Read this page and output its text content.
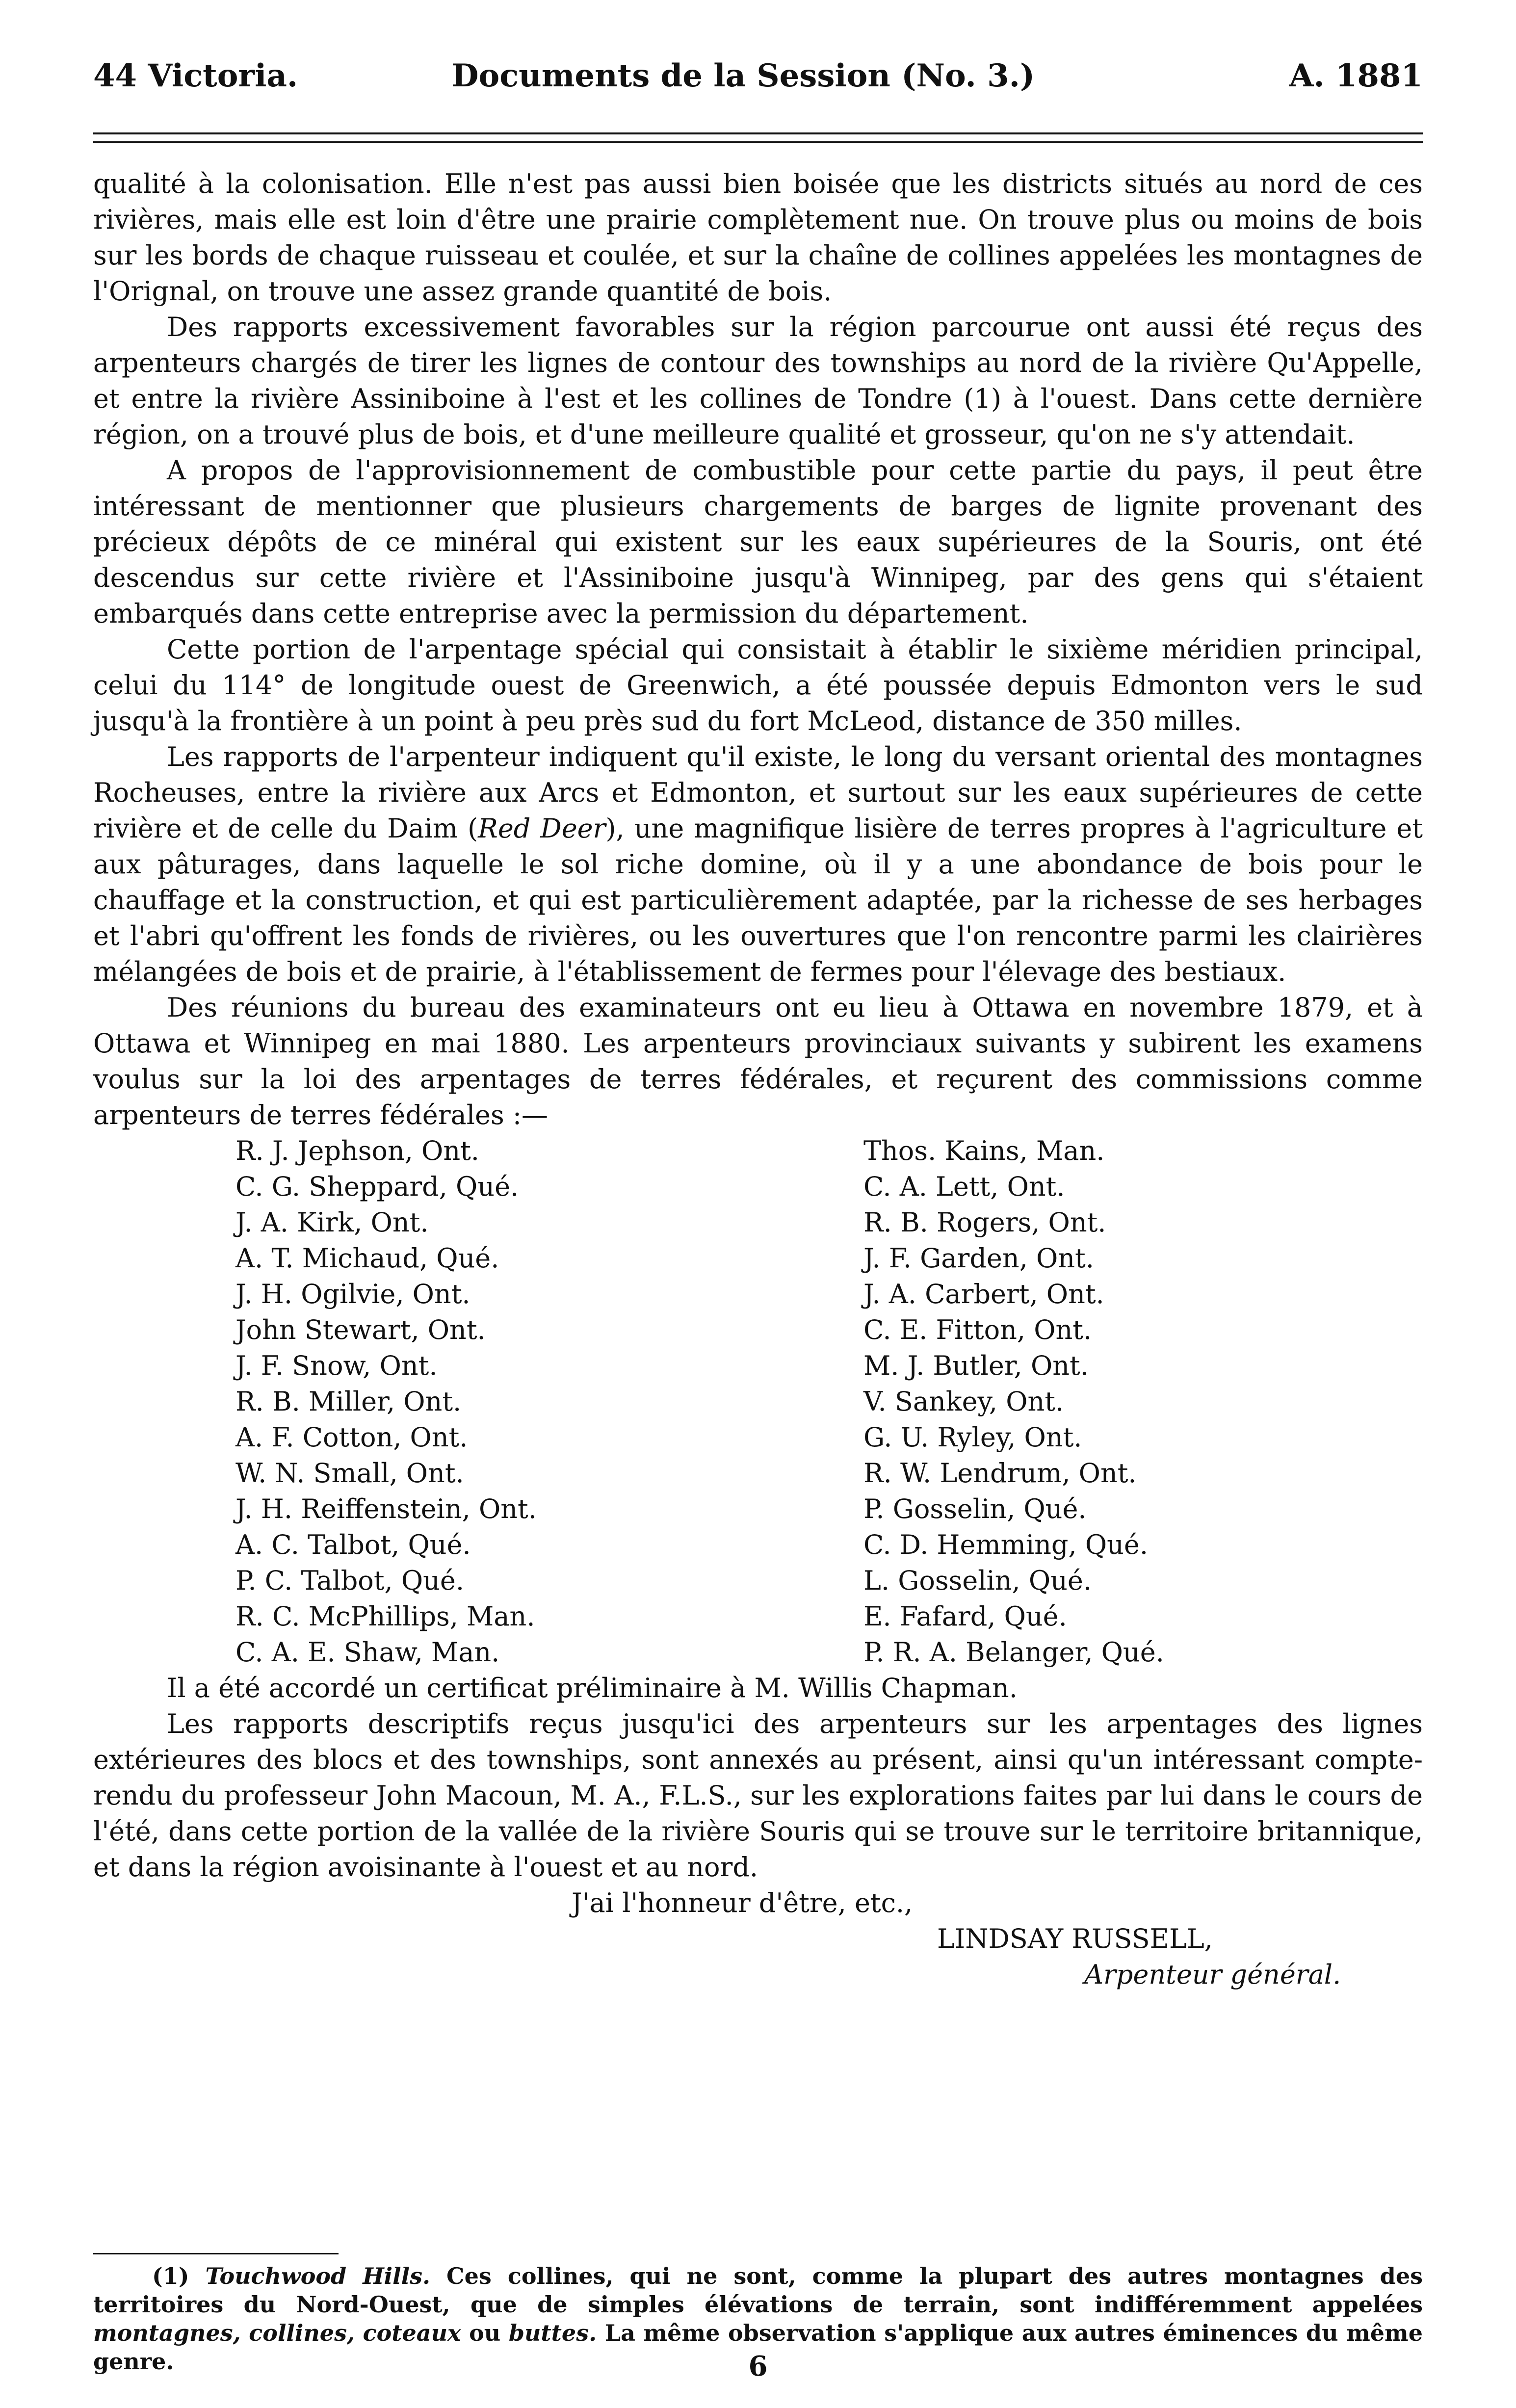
44 Victoria.	Documents de la Session (No. 3.)	A. 1881

qualité à la colonisation. Elle n'est pas aussi bien boisée que les districts situés au nord de ces rivières, mais elle est loin d'être une prairie complètement nue. On trouve plus ou moins de bois sur les bords de chaque ruisseau et coulée, et sur la chaîne de collines appelées les montagnes de l'Orignal, on trouve une assez grande quantité de bois.

Des rapports excessivement favorables sur la région parcourue ont aussi été reçus des arpenteurs chargés de tirer les lignes de contour des townships au nord de la rivière Qu'Appelle, et entre la rivière Assiniboine à l'est et les collines de Tondre (1) à l'ouest. Dans cette dernière région, on a trouvé plus de bois, et d'une meilleure qualité et grosseur, qu'on ne s'y attendait.

A propos de l'approvisionnement de combustible pour cette partie du pays, il peut être intéressant de mentionner que plusieurs chargements de barges de lignite provenant des précieux dépôts de ce minéral qui existent sur les eaux supérieures de la Souris, ont été descendus sur cette rivière et l'Assiniboine jusqu'à Winnipeg, par des gens qui s'étaient embarqués dans cette entreprise avec la permission du département.

Cette portion de l'arpentage spécial qui consistait à établir le sixième méridien principal, celui du 114° de longitude ouest de Greenwich, a été poussée depuis Edmonton vers le sud jusqu'à la frontière à un point à peu près sud du fort McLeod, distance de 350 milles.

Les rapports de l'arpenteur indiquent qu'il existe, le long du versant oriental des montagnes Rocheuses, entre la rivière aux Arcs et Edmonton, et surtout sur les eaux supérieures de cette rivière et de celle du Daim (Red Deer), une magnifique lisière de terres propres à l'agriculture et aux pâturages, dans laquelle le sol riche domine, où il y a une abondance de bois pour le chauffage et la construction, et qui est particulièrement adaptée, par la richesse de ses herbages et l'abri qu'offrent les fonds de rivières, ou les ouvertures que l'on rencontre parmi les clairières mélangées de bois et de prairie, à l'établissement de fermes pour l'élevage des bestiaux.

Des réunions du bureau des examinateurs ont eu lieu à Ottawa en novembre 1879, et à Ottawa et Winnipeg en mai 1880. Les arpenteurs provinciaux suivants y subirent les examens voulus sur la loi des arpentages de terres fédérales, et reçurent des commissions comme arpenteurs de terres fédérales :—

R. J. Jephson, Ont.
C. G. Sheppard, Qué.
J. A. Kirk, Ont.
A. T. Michaud, Qué.
J. H. Ogilvie, Ont.
John Stewart, Ont.
J. F. Snow, Ont.
R. B. Miller, Ont.
A. F. Cotton, Ont.
W. N. Small, Ont.
J. H. Reiffenstein, Ont.
A. C. Talbot, Qué.
P. C. Talbot, Qué.
R. C. McPhillips, Man.
C. A. E. Shaw, Man.
Thos. Kains, Man.
C. A. Lett, Ont.
R. B. Rogers, Ont.
J. F. Garden, Ont.
J. A. Carbert, Ont.
C. E. Fitton, Ont.
M. J. Butler, Ont.
V. Sankey, Ont.
G. U. Ryley, Ont.
R. W. Lendrum, Ont.
P. Gosselin, Qué.
C. D. Hemming, Qué.
L. Gosselin, Qué.
E. Fafard, Qué.
P. R. A. Belanger, Qué.

Il a été accordé un certificat préliminaire à M. Willis Chapman.

Les rapports descriptifs reçus jusqu'ici des arpenteurs sur les arpentages des lignes extérieures des blocs et des townships, sont annexés au présent, ainsi qu'un intéressant compte-rendu du professeur John Macoun, M. A., F.L.S., sur les explorations faites par lui dans le cours de l'été, dans cette portion de la vallée de la rivière Souris qui se trouve sur le territoire britannique, et dans la région avoisinante à l'ouest et au nord.

J'ai l'honneur d'être, etc.,
LINDSAY RUSSELL,
Arpenteur général.

(1) Touchwood Hills. Ces collines, qui ne sont, comme la plupart des autres montagnes des territoires du Nord-Ouest, que de simples élévations de terrain, sont indifféremment appelées montagnes, collines, coteaux ou buttes. La même observation s'applique aux autres éminences du même genre.	6
